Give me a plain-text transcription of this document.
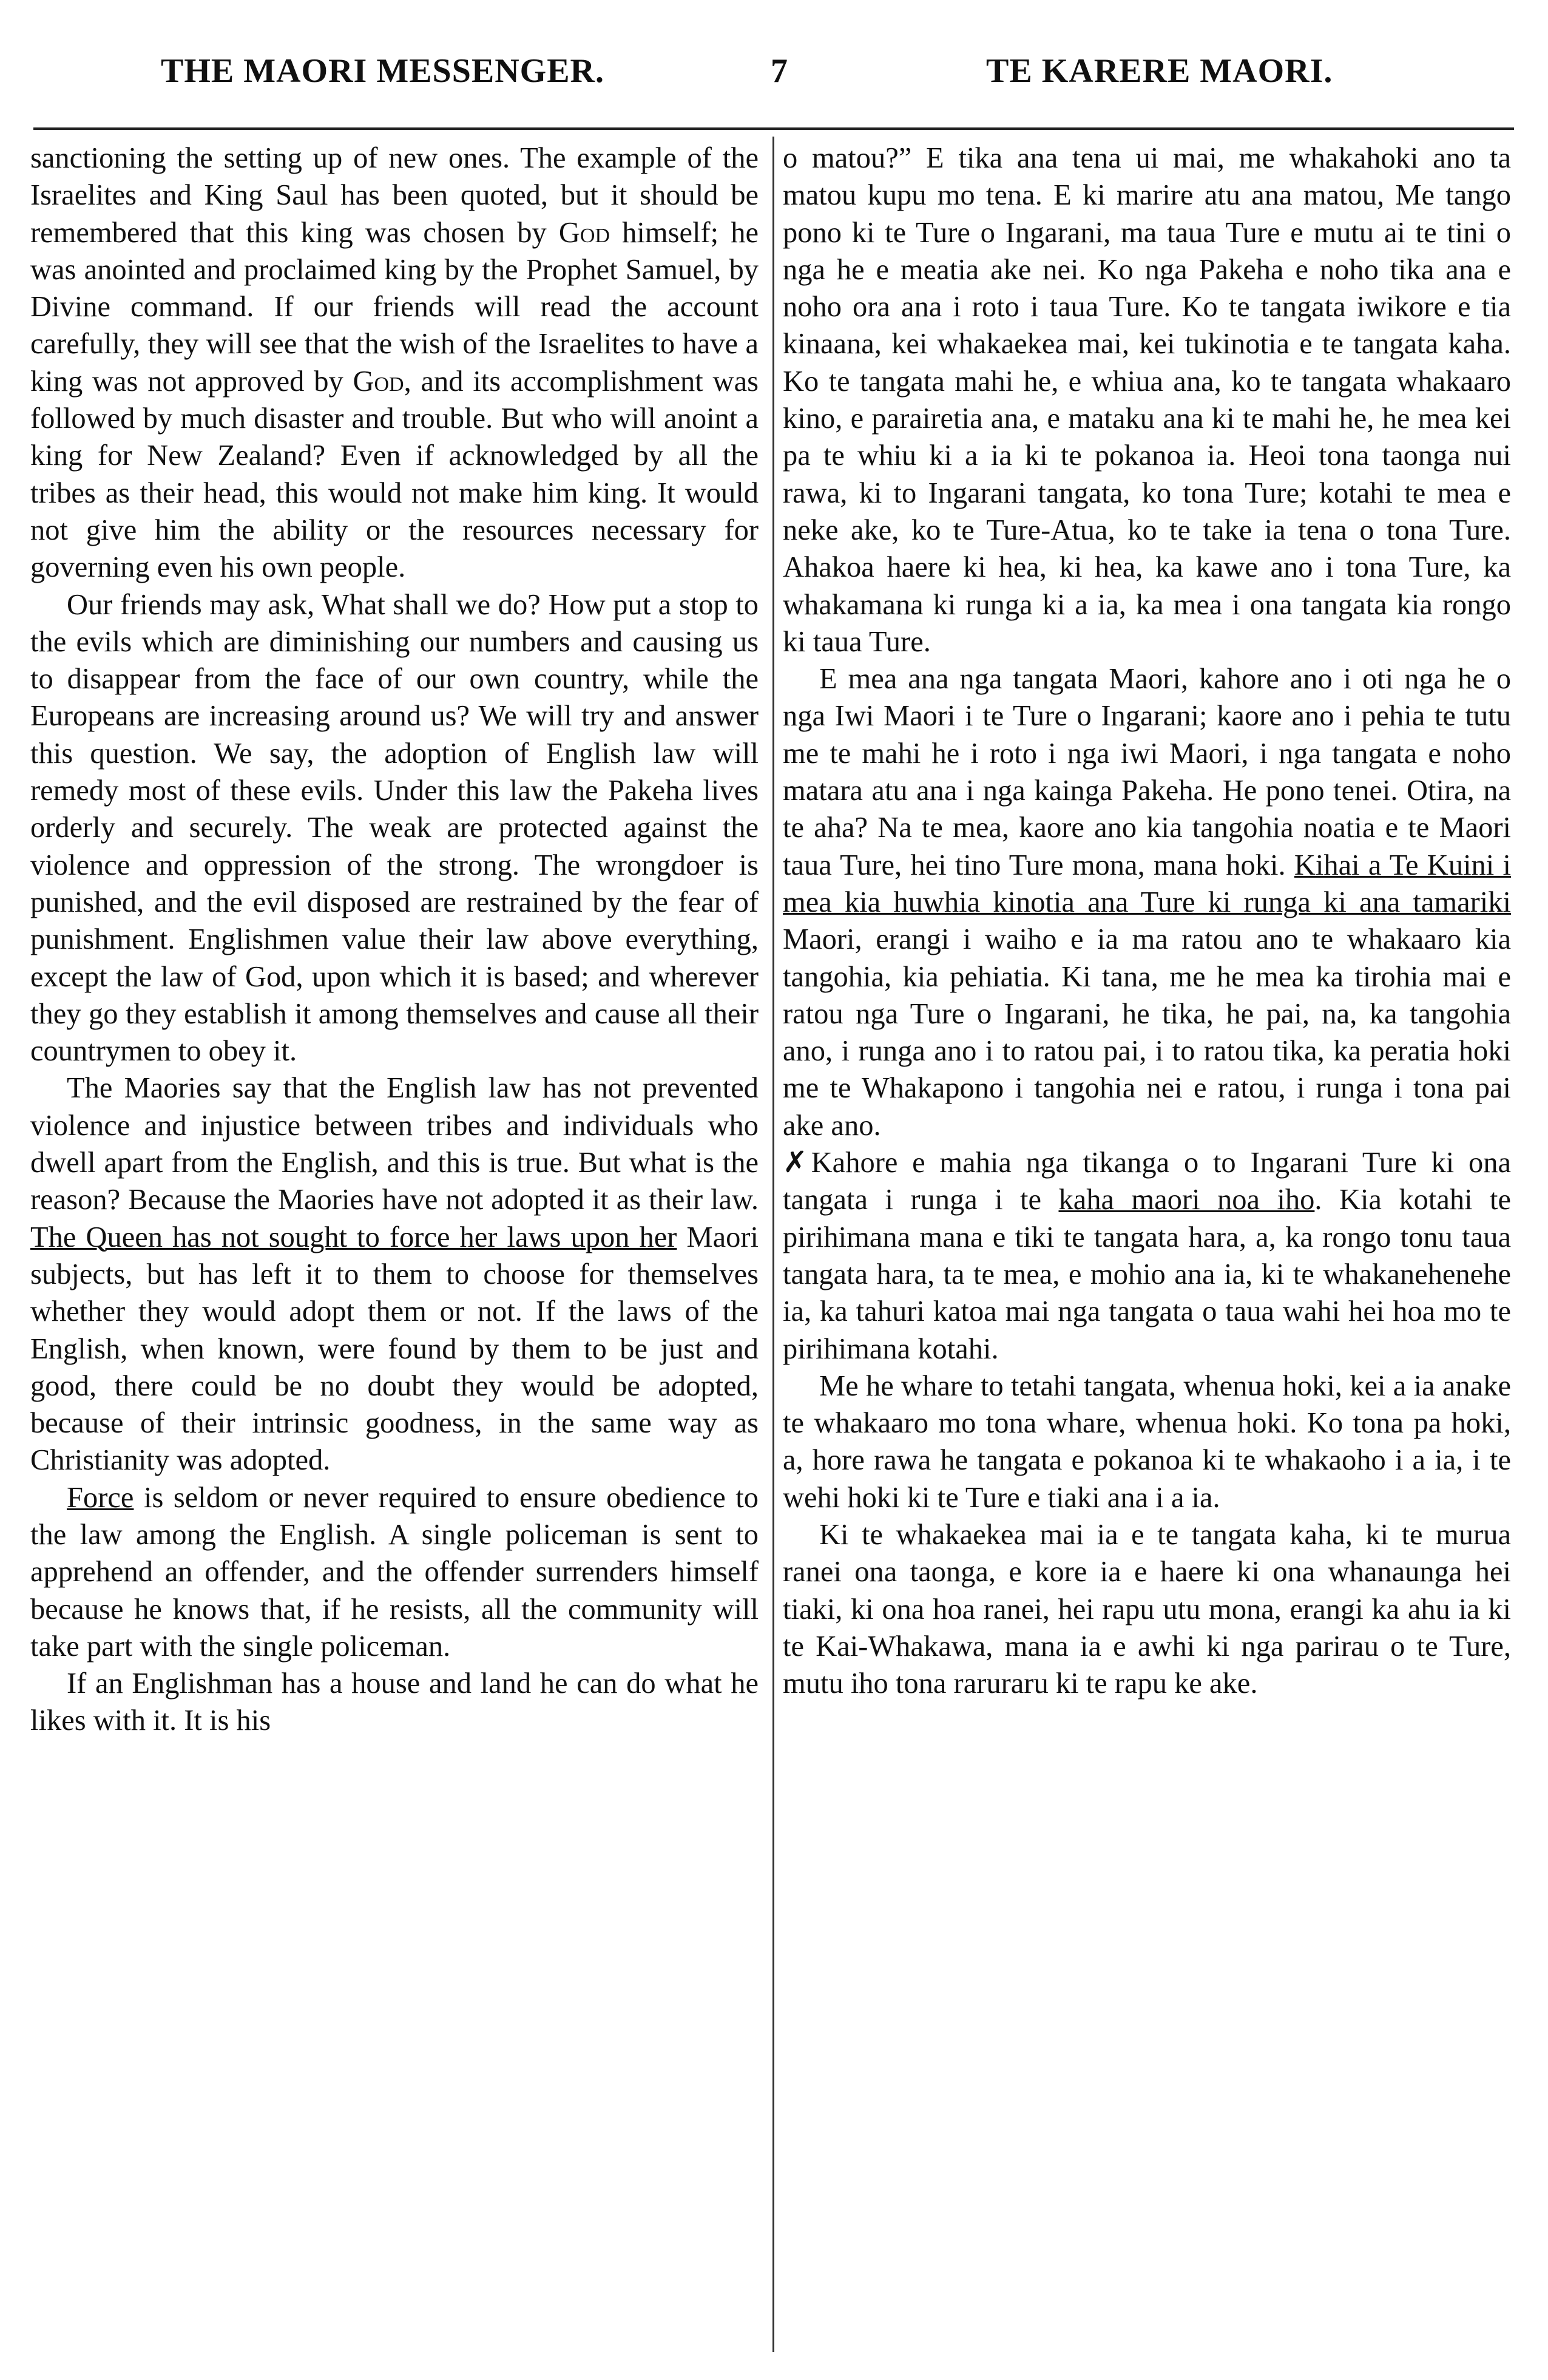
THE MAORI MESSENGER.	7	TE KARERE MAORI.

sanctioning the setting up of new ones. The example of the Israelites and King Saul has been quoted, but it should be remembered that this king was chosen by God himself; he was anointed and proclaimed king by the Prophet Samuel, by Divine command. If our friends will read the account carefully, they will see that the wish of the Israelites to have a king was not approved by God, and its accomplishment was followed by much disaster and trouble. But who will anoint a king for New Zealand? Even if acknowledged by all the tribes as their head, this would not make him king. It would not give him the ability or the resources necessary for governing even his own people.

Our friends may ask, What shall we do? How put a stop to the evils which are diminishing our numbers and causing us to disappear from the face of our own country, while the Europeans are increasing around us? We will try and answer this question. We say, the adoption of English law will remedy most of these evils. Under this law the Pakeha lives orderly and securely. The weak are protected against the violence and oppression of the strong. The wrongdoer is punished, and the evil disposed are restrained by the fear of punishment. Englishmen value their law above everything, except the law of God, upon which it is based; and wherever they go they establish it among themselves and cause all their countrymen to obey it.

The Maories say that the English law has not prevented violence and injustice between tribes and individuals who dwell apart from the English, and this is true. But what is the reason? Because the Maories have not adopted it as their law. The Queen has not sought to force her laws upon her Maori subjects, but has left it to them to choose for themselves whether they would adopt them or not. If the laws of the English, when known, were found by them to be just and good, there could be no doubt they would be adopted, because of their intrinsic goodness, in the same way as Christianity was adopted.

Force is seldom or never required to ensure obedience to the law among the English. A single policeman is sent to apprehend an offender, and the offender surrenders himself because he knows that, if he resists, all the community will take part with the single policeman.

If an Englishman has a house and land he can do what he likes with it. It is his

o matou?” E tika ana tena ui mai, me whakahoki ano ta matou kupu mo tena. E ki marire atu ana matou, Me tango pono ki te Ture o Ingarani, ma taua Ture e mutu ai te tini o nga he e meatia ake nei. Ko nga Pakeha e noho tika ana e noho ora ana i roto i taua Ture. Ko te tangata iwikore e tia kinaana, kei whakaekea mai, kei tukinotia e te tangata kaha. Ko te tangata mahi he, e whiua ana, ko te tangata whakaaro kino, e parairetia ana, e mataku ana ki te mahi he, he mea kei pa te whiu ki a ia ki te pokanoa ia. Heoi tona taonga nui rawa, ki to Ingarani tangata, ko tona Ture; kotahi te mea e neke ake, ko te Ture-Atua, ko te take ia tena o tona Ture. Ahakoa haere ki hea, ki hea, ka kawe ano i tona Ture, ka whakamana ki runga ki a ia, ka mea i ona tangata kia rongo ki taua Ture.

E mea ana nga tangata Maori, kahore ano i oti nga he o nga Iwi Maori i te Ture o Ingarani; kaore ano i pehia te tutu me te mahi he i roto i nga iwi Maori, i nga tangata e noho matara atu ana i nga kainga Pakeha. He pono tenei. Otira, na te aha? Na te mea, kaore ano kia tangohia noatia e te Maori taua Ture, hei tino Ture mona, mana hoki. Kihai a Te Kuini i mea kia huwhia kinotia ana Ture ki runga ki ana tamariki Maori, erangi i waiho e ia ma ratou ano te whakaaro kia tangohia, kia pehiatia. Ki tana, me he mea ka tirohia mai e ratou nga Ture o Ingarani, he tika, he pai, na, ka tangohia ano, i runga ano i to ratou pai, i to ratou tika, ka peratia hoki me te Whakapono i tangohia nei e ratou, i runga i tona pai ake ano.

✗ Kahore e mahia nga tikanga o to Ingarani Ture ki ona tangata i runga i te kaha maori noa iho. Kia kotahi te pirihimana mana e tiki te tangata hara, a, ka rongo tonu taua tangata hara, ta te mea, e mohio ana ia, ki te whakanehenehe ia, ka tahuri katoa mai nga tangata o taua wahi hei hoa mo te pirihimana kotahi.

Me he whare to tetahi tangata, whenua hoki, kei a ia anake te whakaaro mo tona whare, whenua hoki. Ko tona pa hoki, a, hore rawa he tangata e pokanoa ki te whakaoho i a ia, i te wehi hoki ki te Ture e tiaki ana i a ia.

Ki te whakaekea mai ia e te tangata kaha, ki te murua ranei ona taonga, e kore ia e haere ki ona whanaunga hei tiaki, ki ona hoa ranei, hei rapu utu mona, erangi ka ahu ia ki te Kai-Whakawa, mana ia e awhi ki nga parirau o te Ture, mutu iho tona raruraru ki te rapu ke ake.
